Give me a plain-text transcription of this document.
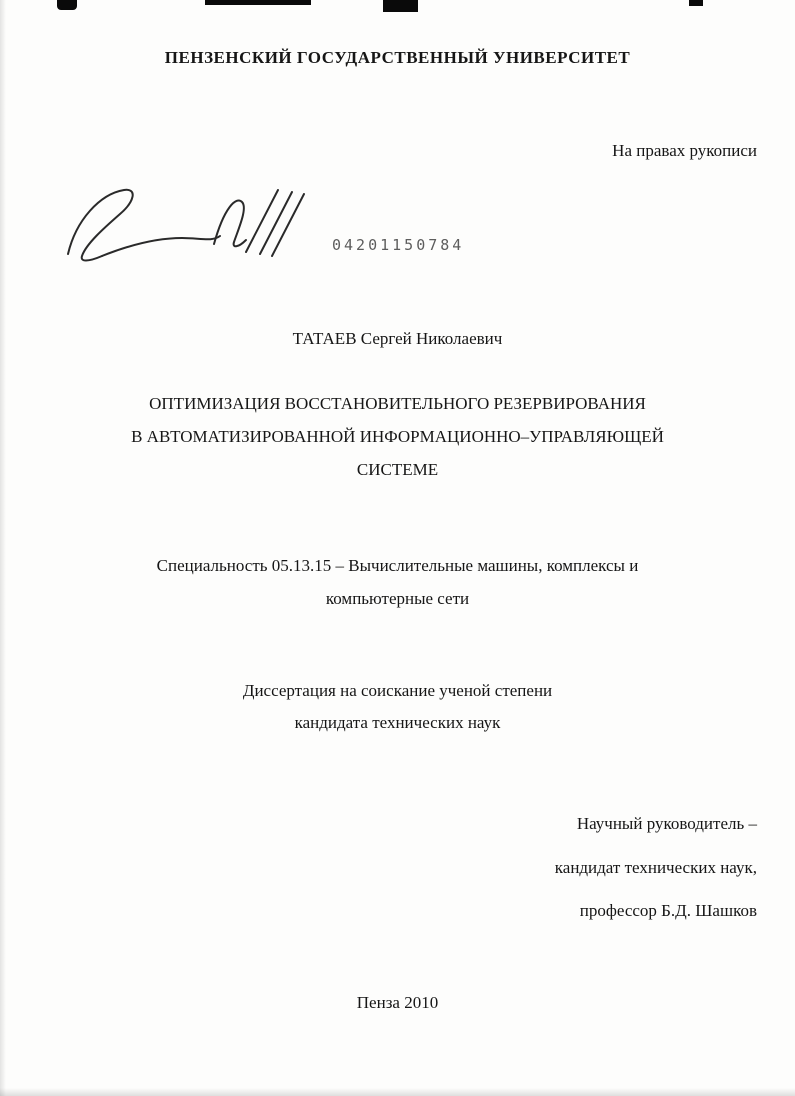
ПЕНЗЕНСКИЙ ГОСУДАРСТВЕННЫЙ УНИВЕРСИТЕТ
На правах рукописи
04201150784
ТАТАЕВ Сергей Николаевич
ОПТИМИЗАЦИЯ ВОССТАНОВИТЕЛЬНОГО РЕЗЕРВИРОВАНИЯ
В АВТОМАТИЗИРОВАННОЙ ИНФОРМАЦИОННО–УПРАВЛЯЮЩЕЙ
СИСТЕМЕ
Специальность 05.13.15 – Вычислительные машины, комплексы и
компьютерные сети
Диссертация на соискание ученой степени
кандидата технических наук
Научный руководитель –
кандидат технических наук,
профессор Б.Д. Шашков
Пенза 2010
